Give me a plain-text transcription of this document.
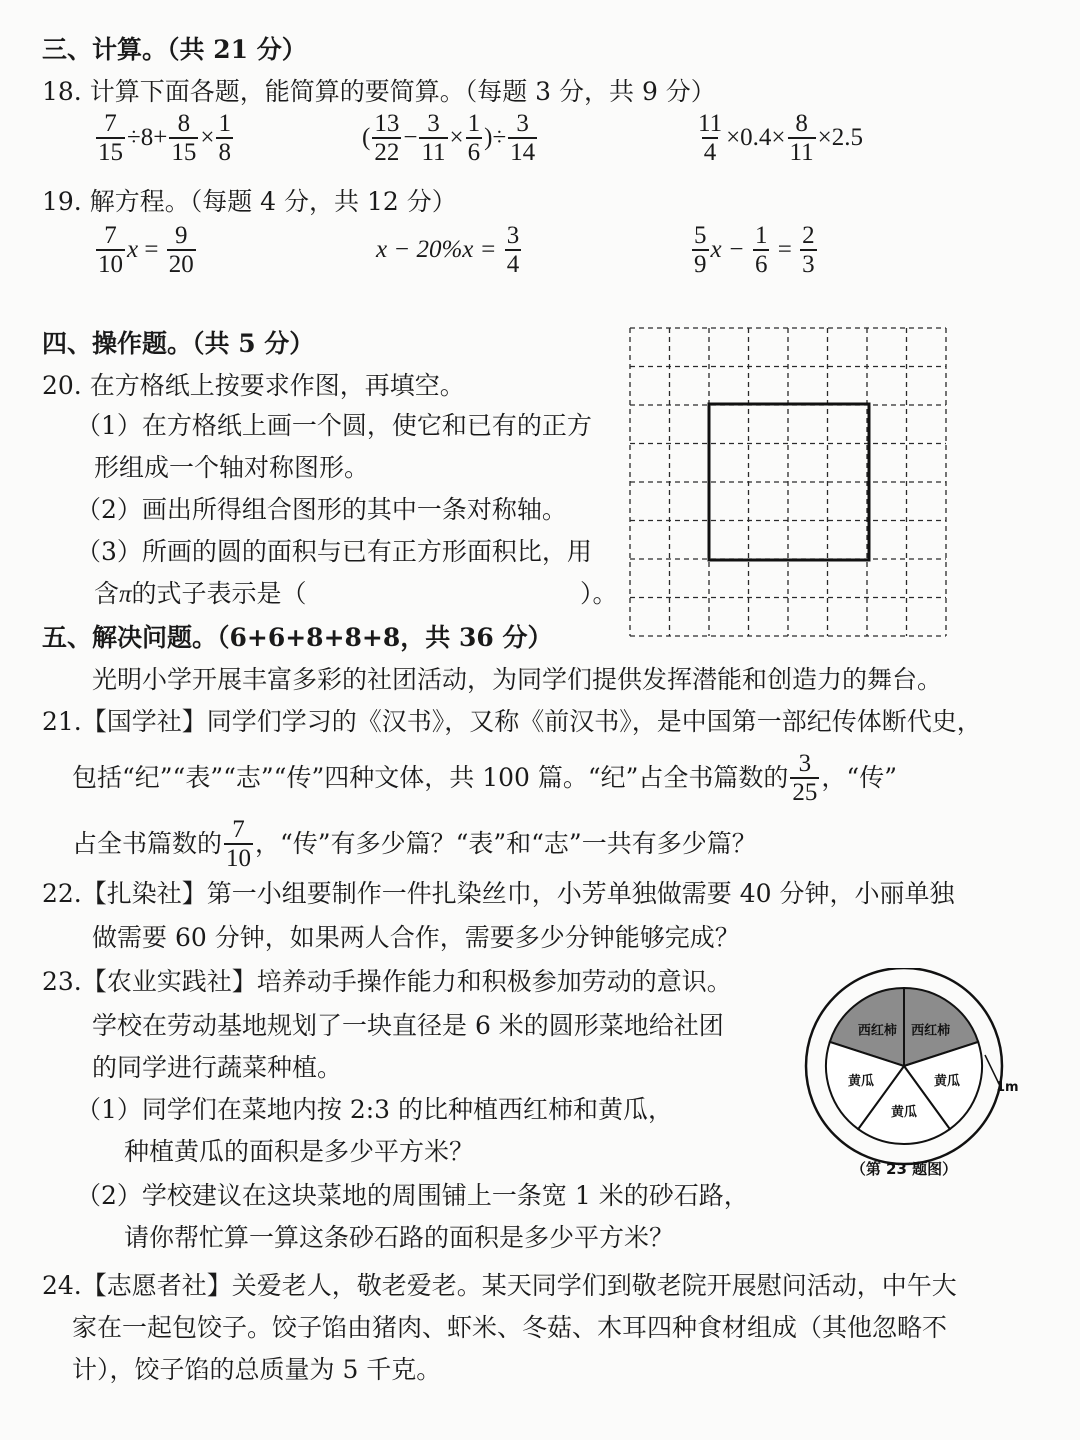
三、计算。（共 21 分）
18. 计算下面各题，能简算的要简算。（每题 3 分，共 9 分）
$\frac{7}{15} \div 8+ \frac{8}{15} \times \frac{1}{8}$	( $\frac{13}{22} - \frac{3}{11} \times \frac{1}{6}$ )÷ $\frac{3}{14}$	$\frac{11}{4} \times 0.4\times \frac{8}{11} \times 2.5$
19. 解方程。（每题 4 分，共 12 分）
$\frac{7}{10}$ $x = \frac{9}{20}$	$x - 20\%x = \frac{3}{4}$	$\frac{5}{9}$ $x - \frac{1}{6} = \frac{2}{3}$
四、操作题。（共 5 分）
20. 在方格纸上按要求作图，再填空。
（1）在方格纸上画一个圆，使它和已有的正方
形组成一个轴对称图形。
（2）画出所得组合图形的其中一条对称轴。
（3）所画的圆的面积与已有正方形面积比，用
含π的式子表示是（	）。
五、解决问题。（6+6+8+8+8，共 36 分）
光明小学开展丰富多彩的社团活动，为同学们提供发挥潜能和创造力的舞台。
21.【国学社】同学们学习的《汉书》，又称《前汉书》，是中国第一部纪传体断代史，
包括“纪”“表”“志”“传”四种文体，共 100 篇。“纪”占全书篇数的 $\frac{3}{25}$ ，“传”
占全书篇数的 $\frac{7}{10}$ ，“传”有多少篇？“表”和“志”一共有多少篇？
22.【扎染社】第一小组要制作一件扎染丝巾，小芳单独做需要 40 分钟，小丽单独
做需要 60 分钟，如果两人合作，需要多少分钟能够完成？
23.【农业实践社】培养动手操作能力和积极参加劳动的意识。
学校在劳动基地规划了一块直径是 6 米的圆形菜地给社团
的同学进行蔬菜种植。
（1）同学们在菜地内按 2:3 的比种植西红柿和黄瓜，
种植黄瓜的面积是多少平方米？
（2）学校建议在这块菜地的周围铺上一条宽 1 米的砂石路，
请你帮忙算一算这条砂石路的面积是多少平方米？
西红柿 西红柿
黄瓜
黄瓜
黄瓜	1m
（第 23 题图）
24.【志愿者社】关爱老人，敬老爱老。某天同学们到敬老院开展慰问活动，中午大
家在一起包饺子。饺子馅由猪肉、虾米、冬菇、木耳四种食材组成（其他忽略不
计），饺子馅的总质量为 5 千克。
